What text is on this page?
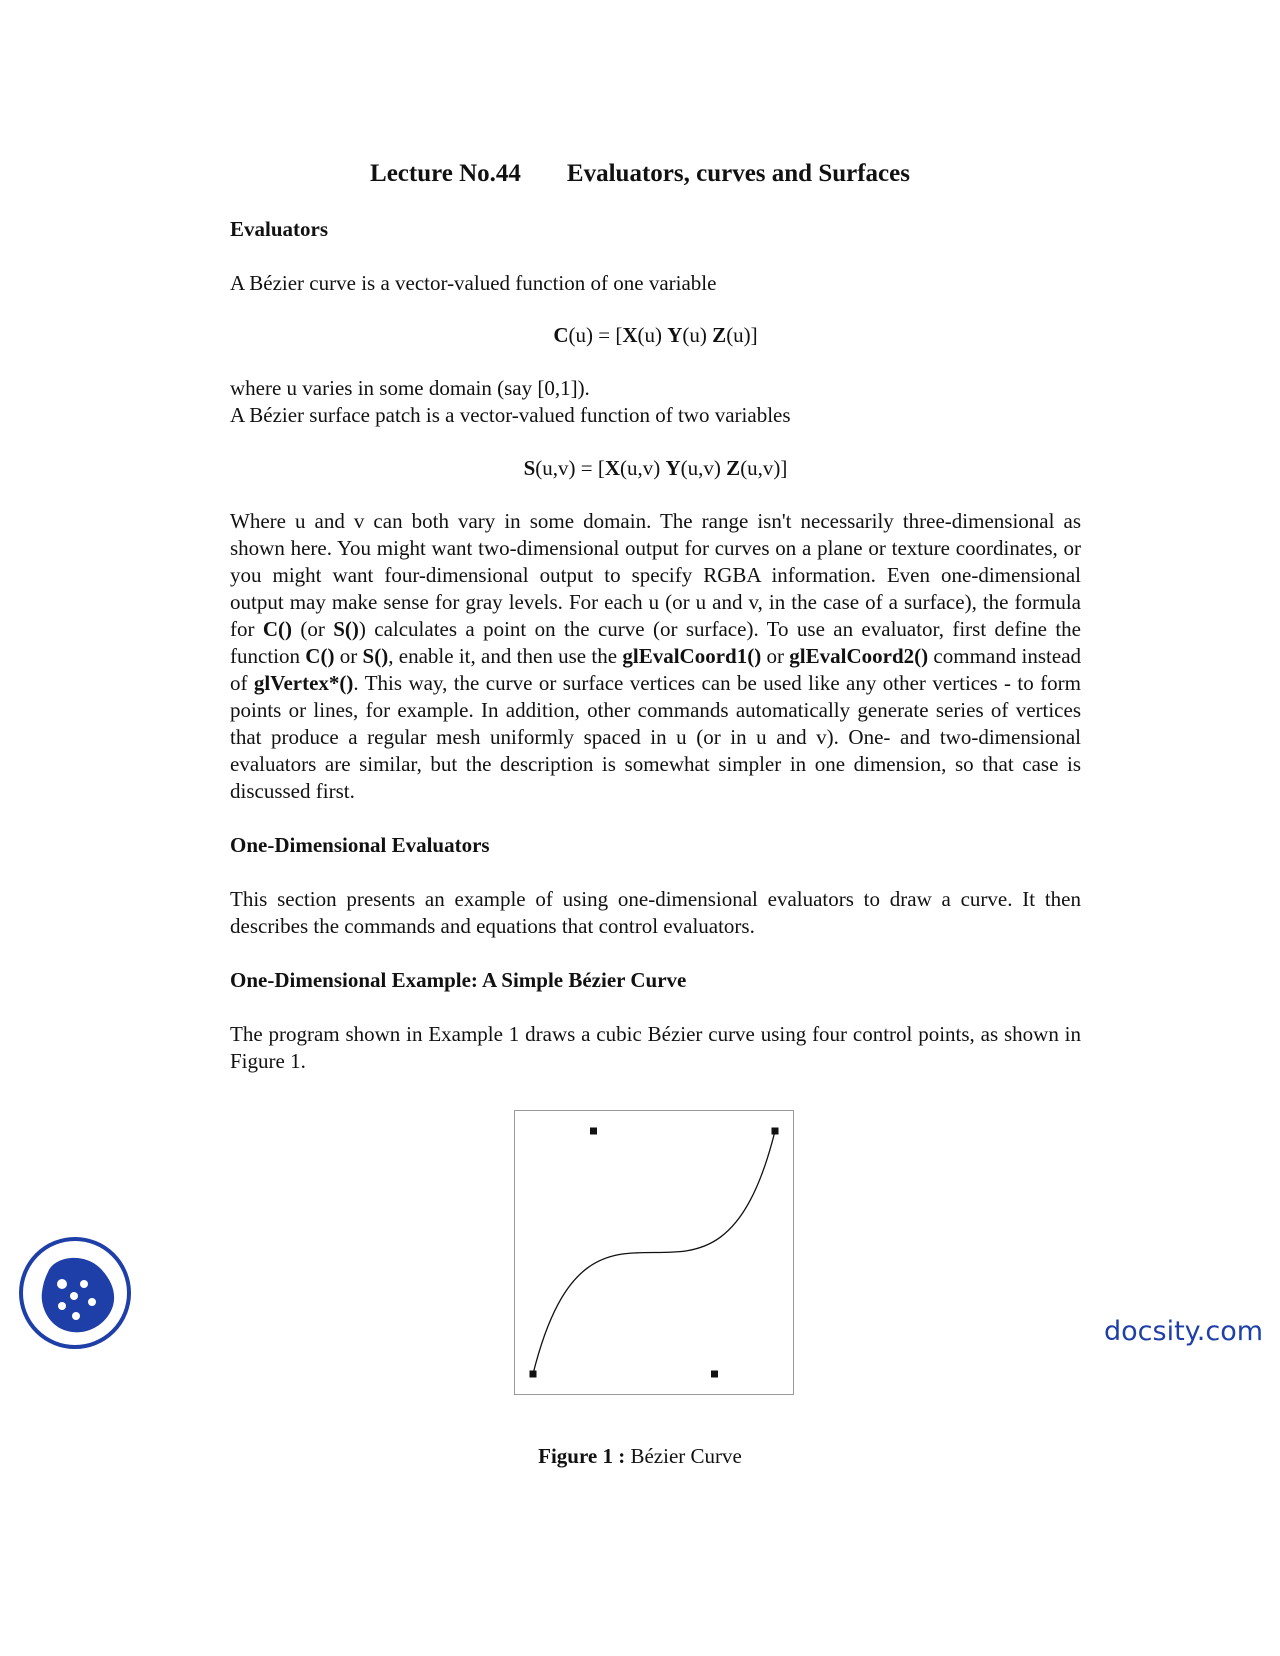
Lecture No.44 Evaluators, curves and Surfaces
Evaluators

A Bézier curve is a vector-valued function of one variable

C(u) = [X(u) Y(u) Z(u)]

where u varies in some domain (say [0,1]).

A Bézier surface patch is a vector-valued function of two variables

S(u,v) = [X(u,v) Y(u,v) Z(u,v)]

Where u and v can both vary in some domain. The range isn't necessarily three-dimensional as shown here. You might want two-dimensional output for curves on a plane or texture coordinates, or you might want four-dimensional output to specify RGBA information. Even one-dimensional output may make sense for gray levels. For each u (or u and v, in the case of a surface), the formula for C() (or S()) calculates a point on the curve (or surface). To use an evaluator, first define the function C() or S(), enable it, and then use the glEvalCoord1() or glEvalCoord2() command instead of glVertex*(). This way, the curve or surface vertices can be used like any other vertices - to form points or lines, for example. In addition, other commands automatically generate series of vertices that produce a regular mesh uniformly spaced in u (or in u and v). One- and two-dimensional evaluators are similar, but the description is somewhat simpler in one dimension, so that case is discussed first.

One-Dimensional Evaluators

This section presents an example of using one-dimensional evaluators to draw a curve. It then describes the commands and equations that control evaluators.

One-Dimensional Example: A Simple Bézier Curve

The program shown in Example 1 draws a cubic Bézier curve using four control points, as shown in Figure 1.

Figure 1 : Bézier Curve

docsity.com
